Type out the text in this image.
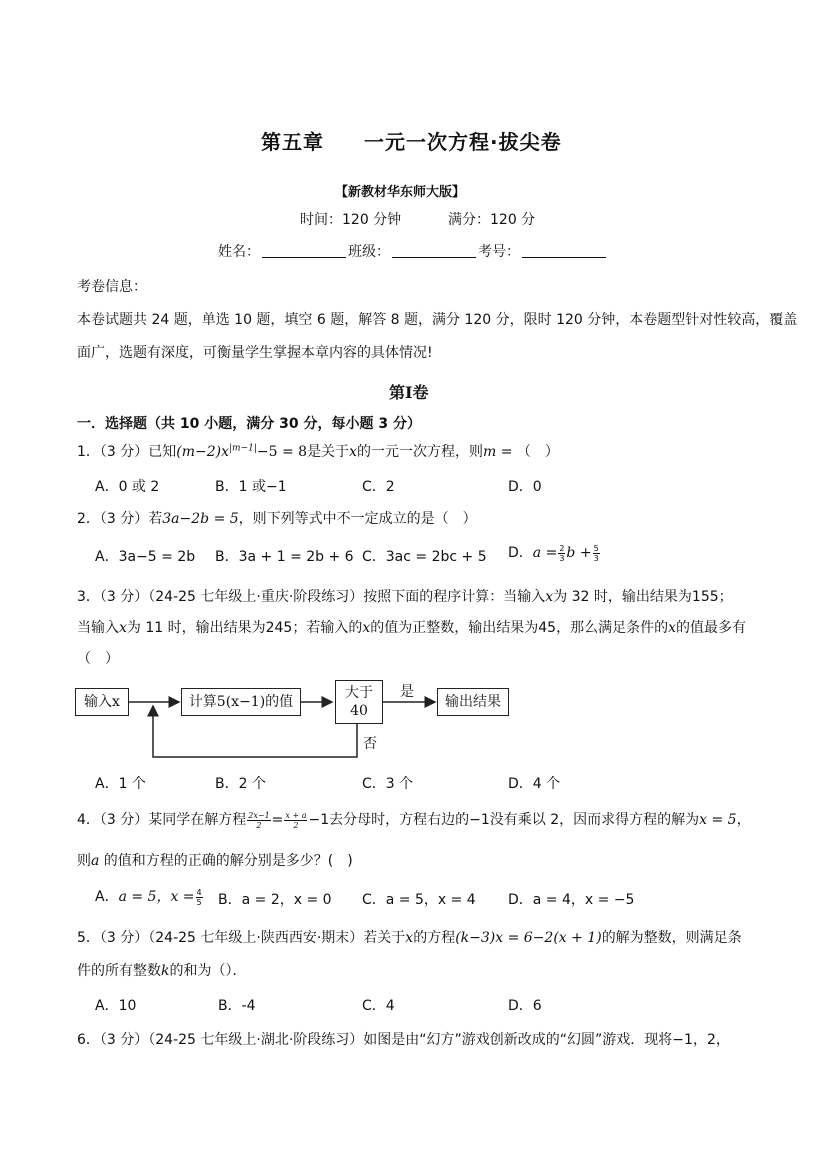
第五章 一元一次方程·拔尖卷
【新教材华东师大版】
时间：120 分钟	满分：120 分
姓名：	班级：	考号：
考卷信息：
本卷试题共 24 题，单选 10 题，填空 6 题，解答 8 题，满分 120 分，限时 120 分钟，本卷题型针对性较高，覆盖
面广，选题有深度，可衡量学生掌握本章内容的具体情况!
第Ⅰ卷
一．选择题（共 10 小题，满分 30 分，每小题 3 分）
1．（3 分）已知$(m-2)x^{|m-1|}-5 = 8$是关于x的一元一次方程，则m = （　）
A．0 或 2	B．1 或−1	C．2	D．0
2．（3 分）若3a−2b = 5，则下列等式中不一定成立的是（　）
A．3a−5 = 2b B．3a + 1 = 2b + 6 C．3ac = 2bc + 5 D．$a = \frac{2}{3}$ $b + \frac{5}{3}$
3．（3 分）（24-25 七年级上·重庆·阶段练习）按照下面的程序计算：当输入x为 32 时，输出结果为155；
当输入x为 11 时，输出结果为245；若输入的x的值为正整数，输出结果为45，那么满足条件的x的值最多有
（　）
输入x	计算5(x−1)的值
大于
40
是
否
输出结果
A．1 个	B．2 个	C．3 个	D．4 个
4．（3 分）某同学在解方程 $\frac{2x-1}{2} = \frac{x + a}{2} -1$去分母时，方程右边的−1没有乘以 2，因而求得方程的解为x = 5，
则a 的值和方程的正确的解分别是多少？(　)
A．a = 5，$x = \frac{4}{5}$ B．a = 2，x = 0 C．a = 5，x = 4 D．a = 4，x = −5
5．（3 分）（24-25 七年级上·陕西西安·期末）若关于x的方程(k−3)x = 6−2(x + 1)的解为整数，则满足条
件的所有整数k的和为（）．
A．10	B．-4	C．4	D．6
6．（3 分）（24-25 七年级上·湖北·阶段练习）如图是由“幻方”游戏创新改成的“幻圆”游戏．现将−1，2，
